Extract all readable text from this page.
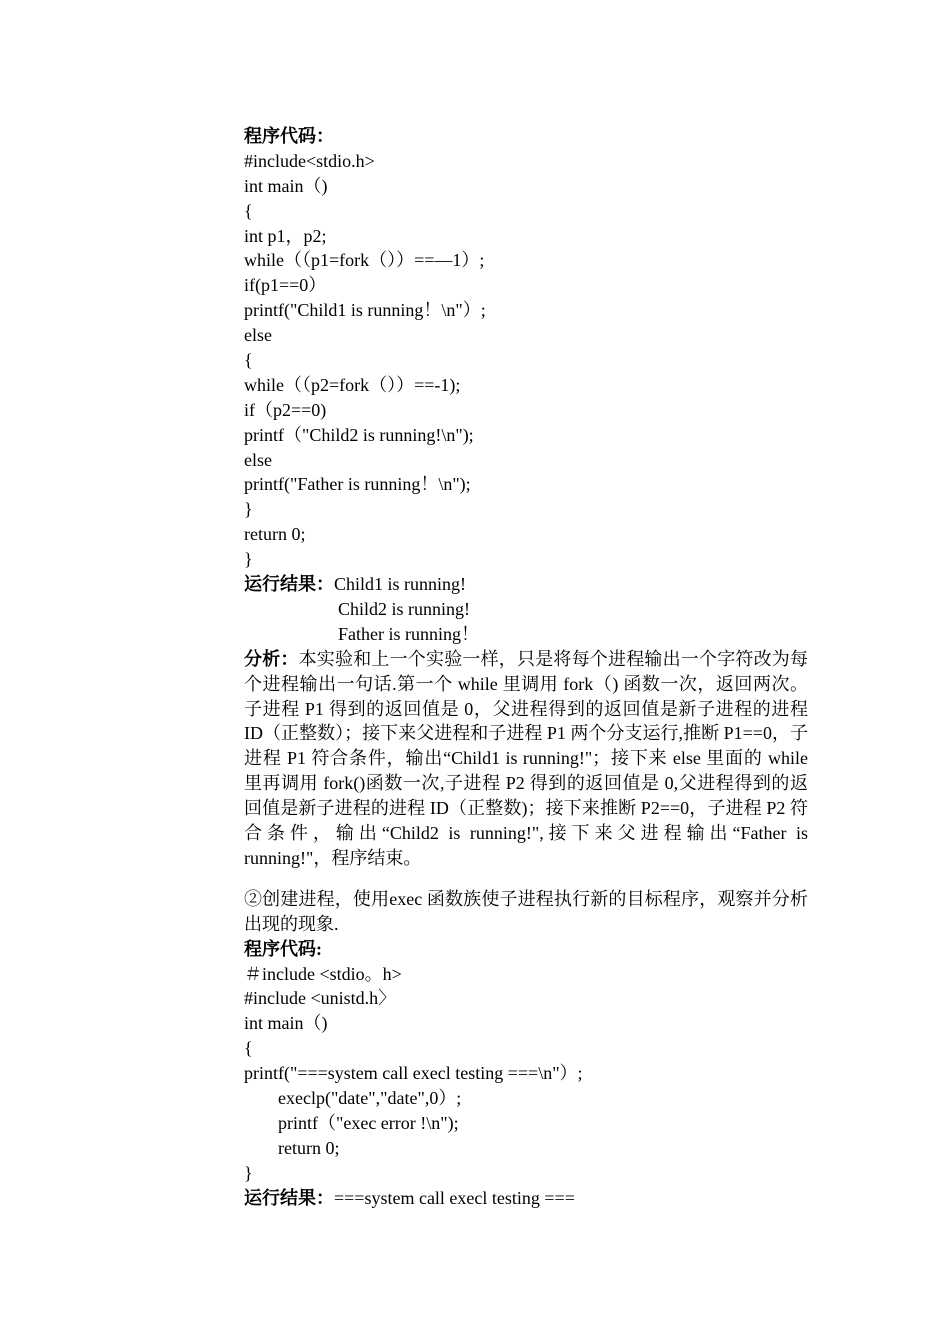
程序代码：
#include<stdio.h>
int main（)
{
int p1，p2;
while（（p1=fork（））==—1）;
if(p1==0）
printf("Child1 is running！\n"）;
else
{
while（（p2=fork（））==-1);
if（p2==0)
printf（"Child2 is running!\n");
else
printf("Father is running！\n");
}
return 0;
}
运行结果：Child1 is running!
Child2 is running!
Father is running！
分析：本实验和上一个实验一样，只是将每个进程输出一个字符改为每个进程输出一句话.第一个 while 里调用 fork（) 函数一次，返回两次。子进程 P1 得到的返回值是 0，父进程得到的返回值是新子进程的进程 ID（正整数）；接下来父进程和子进程 P1 两个分支运行,推断 P1==0，子进程 P1 符合条件，输出“Child1 is running!"；接下来 else 里面的 while 里再调用 fork()函数一次,子进程 P2 得到的返回值是 0,父进程得到的返回值是新子进程的进程 ID（正整数)；接下来推断 P2==0，子进程 P2 符合条件，输出“Child2 is running!",接下来父进程输出“Father is running!"，程序结束。
②创建进程，使用exec 函数族使子进程执行新的目标程序，观察并分析出现的现象.
程序代码:
＃include <stdio。h>
#include <unistd.h〉
int main（)
{
printf("===system call execl testing ===\n"）;
execlp("date","date",0）;
printf（"exec error !\n");
return 0;
}
运行结果：===system call execl testing ===
